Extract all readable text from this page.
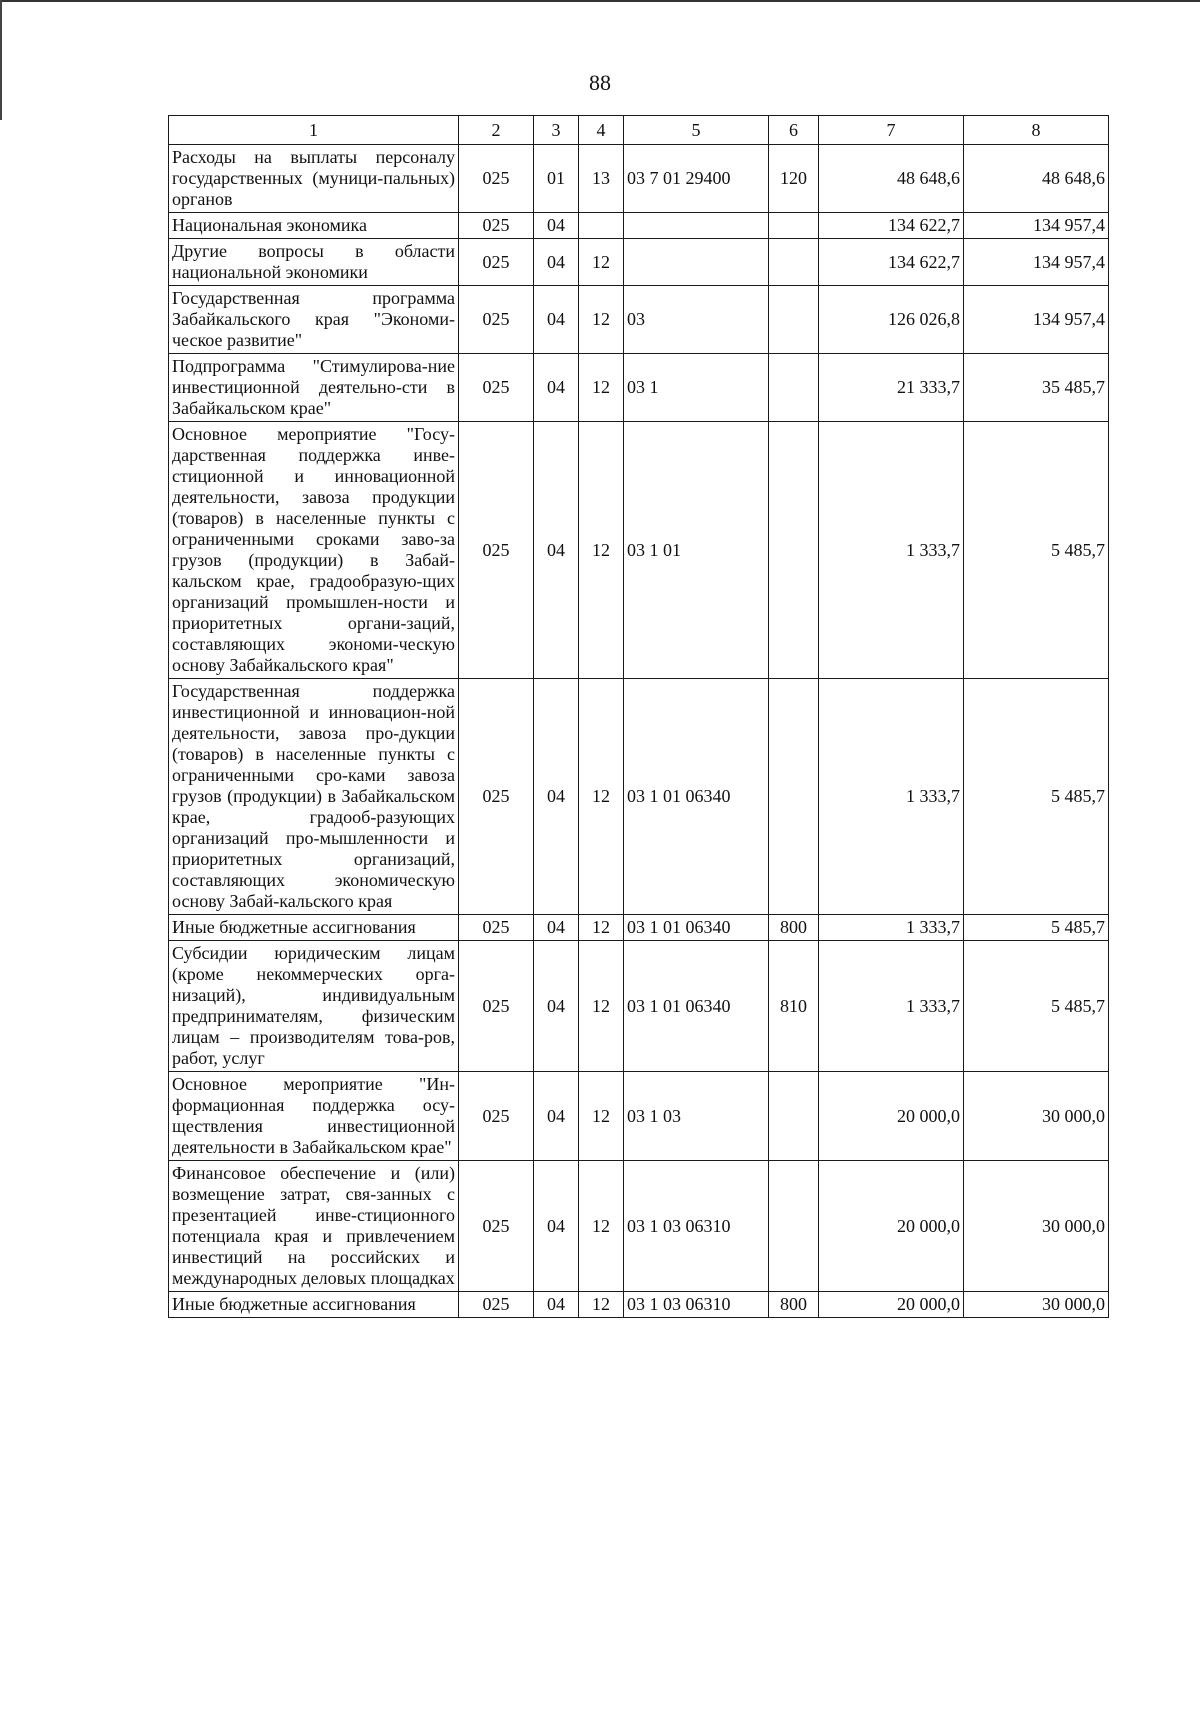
88
1	2	3	4	5	6	7	8
Расходы на выплаты персоналу государственных (муници-пальных) органов	025	01	13	03 7 01 29400	120	48 648,6	48 648,6
Национальная экономика	025	04				134 622,7	134 957,4
Другие вопросы в области национальной экономики	025	04	12			134 622,7	134 957,4
Государственная программа Забайкальского края "Экономи-ческое развитие"	025	04	12	03		126 026,8	134 957,4
Подпрограмма "Стимулирова-ние инвестиционной деятельно-сти в Забайкальском крае"	025	04	12	03 1		21 333,7	35 485,7
Основное мероприятие "Госу-дарственная поддержка инве-стиционной и инновационной деятельности, завоза продукции (товаров) в населенные пункты с ограниченными сроками заво-за грузов (продукции) в Забай-кальском крае, градообразую-щих организаций промышлен-ности и приоритетных органи-заций, составляющих экономи-ческую основу Забайкальского края"	025	04	12	03 1 01		1 333,7	5 485,7
Государственная поддержка инвестиционной и инновацион-ной деятельности, завоза про-дукции (товаров) в населенные пункты с ограниченными сро-ками завоза грузов (продукции) в Забайкальском крае, градооб-разующих организаций про-мышленности и приоритетных организаций, составляющих экономическую основу Забай-кальского края	025	04	12	03 1 01 06340		1 333,7	5 485,7
Иные бюджетные ассигнования	025	04	12	03 1 01 06340	800	1 333,7	5 485,7
Субсидии юридическим лицам (кроме некоммерческих орга-низаций), индивидуальным предпринимателям, физическим лицам – производителям това-ров, работ, услуг	025	04	12	03 1 01 06340	810	1 333,7	5 485,7
Основное мероприятие "Ин-формационная поддержка осу-ществления инвестиционной деятельности в Забайкальском крае"	025	04	12	03 1 03		20 000,0	30 000,0
Финансовое обеспечение и (или) возмещение затрат, свя-занных с презентацией инве-стиционного потенциала края и привлечением инвестиций на российских и международных деловых площадках	025	04	12	03 1 03 06310		20 000,0	30 000,0
Иные бюджетные ассигнования	025	04	12	03 1 03 06310	800	20 000,0	30 000,0
